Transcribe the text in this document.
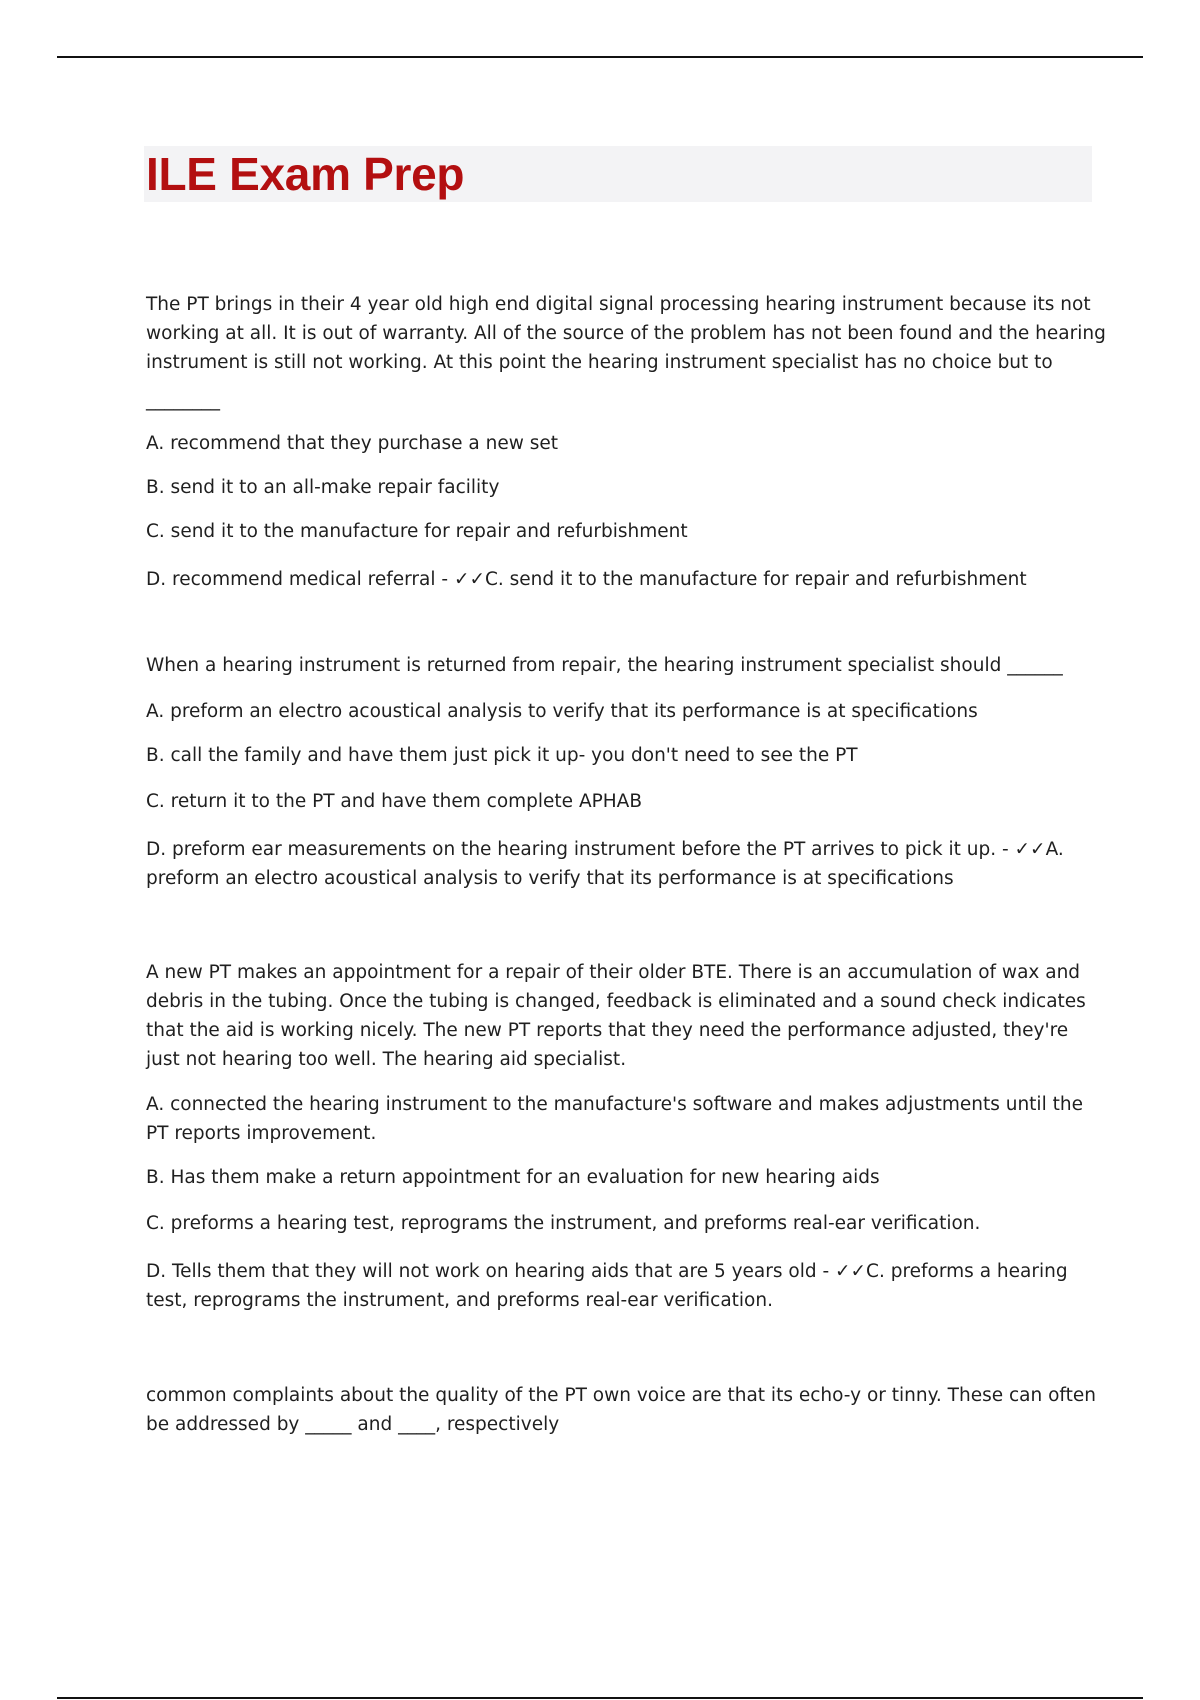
ILE Exam Prep

The PT brings in their 4 year old high end digital signal processing hearing instrument because its not working at all. It is out of warranty. All of the source of the problem has not been found and the hearing instrument is still not working. At this point the hearing instrument specialist has no choice but to

________

A. recommend that they purchase a new set
B. send it to an all-make repair facility
C. send it to the manufacture for repair and refurbishment
D. recommend medical referral - ✓✓C. send it to the manufacture for repair and refurbishment

When a hearing instrument is returned from repair, the hearing instrument specialist should ______

A. preform an electro acoustical analysis to verify that its performance is at specifications
B. call the family and have them just pick it up- you don't need to see the PT
C. return it to the PT and have them complete APHAB
D. preform ear measurements on the hearing instrument before the PT arrives to pick it up. - ✓✓A. preform an electro acoustical analysis to verify that its performance is at specifications

A new PT makes an appointment for a repair of their older BTE. There is an accumulation of wax and debris in the tubing. Once the tubing is changed, feedback is eliminated and a sound check indicates that the aid is working nicely. The new PT reports that they need the performance adjusted, they're just not hearing too well. The hearing aid specialist.

A. connected the hearing instrument to the manufacture's software and makes adjustments until the PT reports improvement.
B. Has them make a return appointment for an evaluation for new hearing aids
C. preforms a hearing test, reprograms the instrument, and preforms real-ear verification.
D. Tells them that they will not work on hearing aids that are 5 years old - ✓✓C. preforms a hearing test, reprograms the instrument, and preforms real-ear verification.

common complaints about the quality of the PT own voice are that its echo-y or tinny. These can often be addressed by _____ and ____, respectively
